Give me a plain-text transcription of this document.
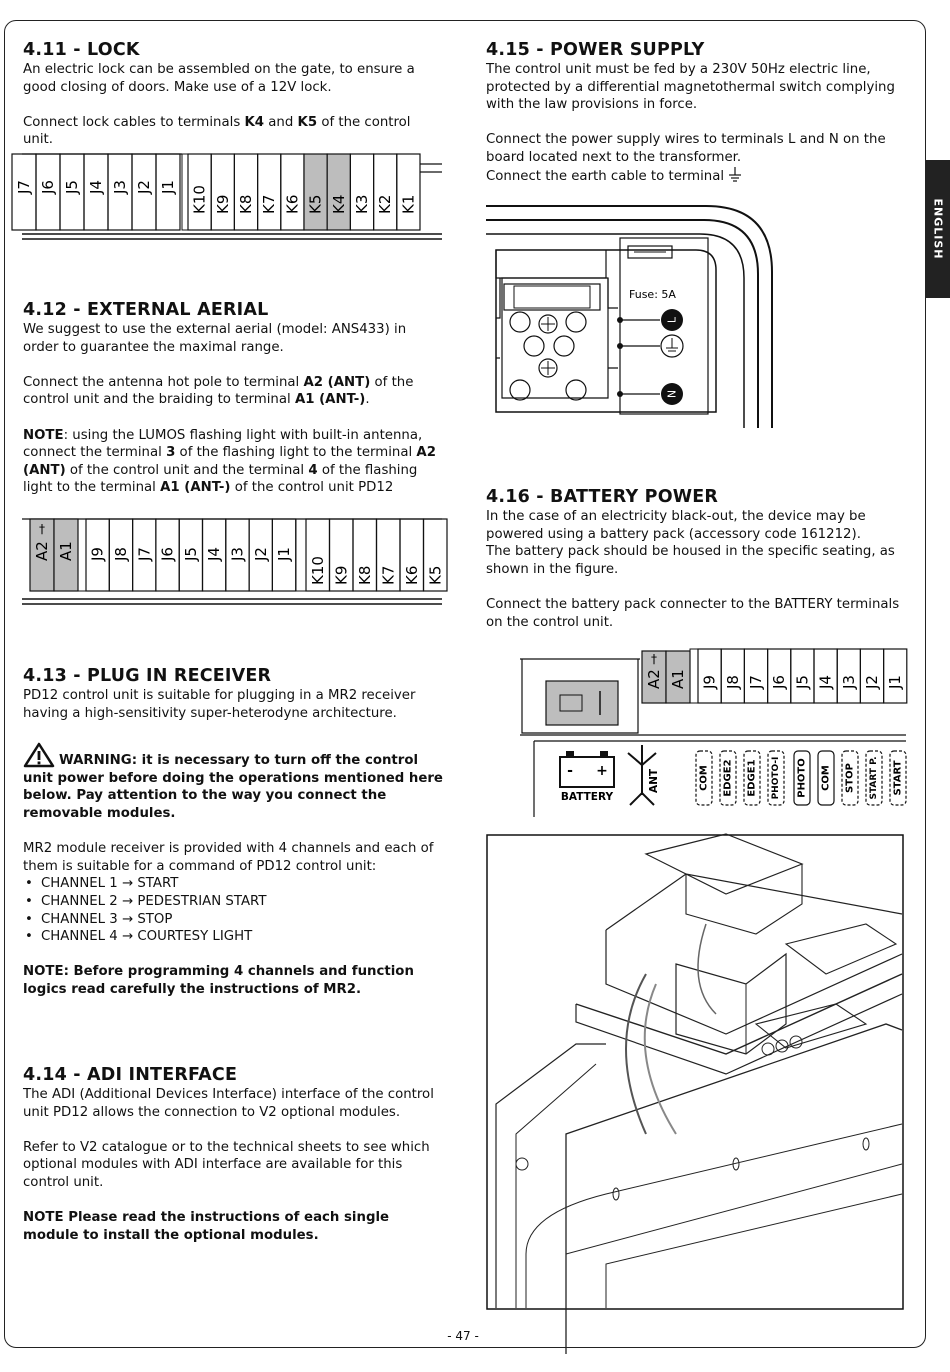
ENGLISH
4.11 - LOCK

An electric lock can be assembled on the gate, to ensure a good closing of doors. Make use of a 12V lock.

Connect lock cables to terminals K4 and K5 of the control unit.

J7 J6 J5 J4 J3 J2 J1 K10 K9 K8 K7 K6 K5 K4 K3 K2 K1
4.12 - EXTERNAL AERIAL

We suggest to use the external aerial (model: ANS433) in order to guarantee the maximal range.

Connect the antenna hot pole to terminal A2 (ANT) of the control unit and the braiding to terminal A1 (ANT-).

NOTE: using the LUMOS flashing light with built-in antenna, connect the terminal 3 of the flashing light to the terminal A2 (ANT) of the control unit and the terminal 4 of the flashing light to the terminal A1 (ANT-) of the control unit PD12

A2 A1
†
J9 J8 J7 J6 J5 J4 J3 J2 J1
K10 K9 K8 K7 K6 K5
4.13 - PLUG IN RECEIVER

PD12 control unit is suitable for plugging in a MR2 receiver having a high-sensitivity super-heterodyne architecture.

WARNING: it is necessary to turn off the control unit power before doing the operations mentioned here below. Pay attention to the way you connect the removable modules.

MR2 module receiver is provided with 4 channels and each of them is suitable for a command of PD12 control unit:

• CHANNEL 1 → START
• CHANNEL 2 → PEDESTRIAN START
• CHANNEL 3 → STOP
• CHANNEL 4 → COURTESY LIGHT

NOTE: Before programming 4 channels and function logics read carefully the instructions of MR2.

4.14 - ADI INTERFACE

The ADI (Additional Devices Interface) interface of the control unit PD12 allows the connection to V2 optional modules.

Refer to V2 catalogue or to the technical sheets to see which optional modules with ADI interface are available for this control unit.

NOTE Please read the instructions of each single module to install the optional modules.

4.15 - POWER SUPPLY

The control unit must be fed by a 230V 50Hz electric line, protected by a differential magnetothermal switch complying with the law provisions in force.

Connect the power supply wires to terminals L and N on the board located next to the transformer.

Connect the earth cable to terminal

Fuse: 5A
L
N
4.16 - BATTERY POWER

In the case of an electricity black-out, the device may be powered using a battery pack (accessory code 161212).

The battery pack should be housed in the specific seating, as shown in the figure.

Connect the battery pack connecter to the BATTERY terminals on the control unit.

A2 A1
†
J9 J8 J7 J6 J5 J4 J3 J2 J1
- +
BATTERY
ANT	COM EDGE2 EDGE1 PHOTO-I PHOTO COM STOP START P. START
- 47 -
